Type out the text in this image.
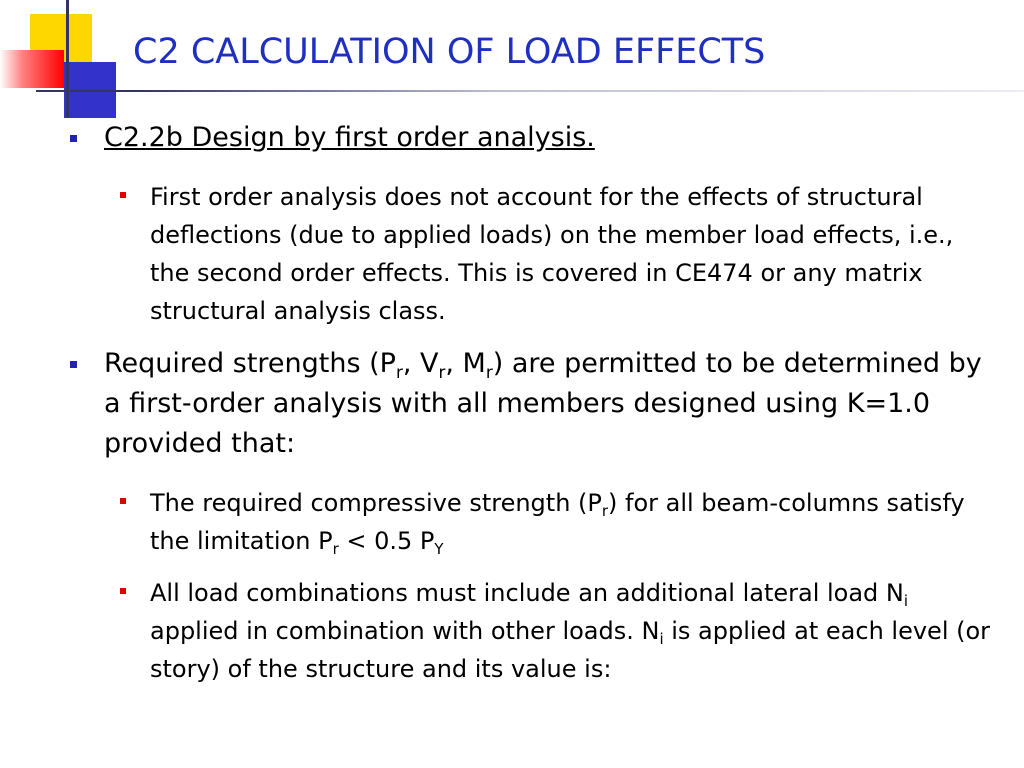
C2 CALCULATION OF LOAD EFFECTS
C2.2b Design by first order analysis.
First order analysis does not account for the effects of structural deflections (due to applied loads) on the member load effects, i.e., the second order effects. This is covered in CE474 or any matrix structural analysis class.
Required strengths ($P_r$, $V_r$, $M_r$) are permitted to be determined by a first-order analysis with all members designed using K=1.0 provided that:
The required compressive strength $(P_r)$ for all beam-columns satisfy the limitation $P_r < 0.5$ $P_Y$
All load combinations must include an additional lateral load $N_i$ applied in combination with other loads. $N_i$ is applied at each level (or story) of the structure and its value is:
